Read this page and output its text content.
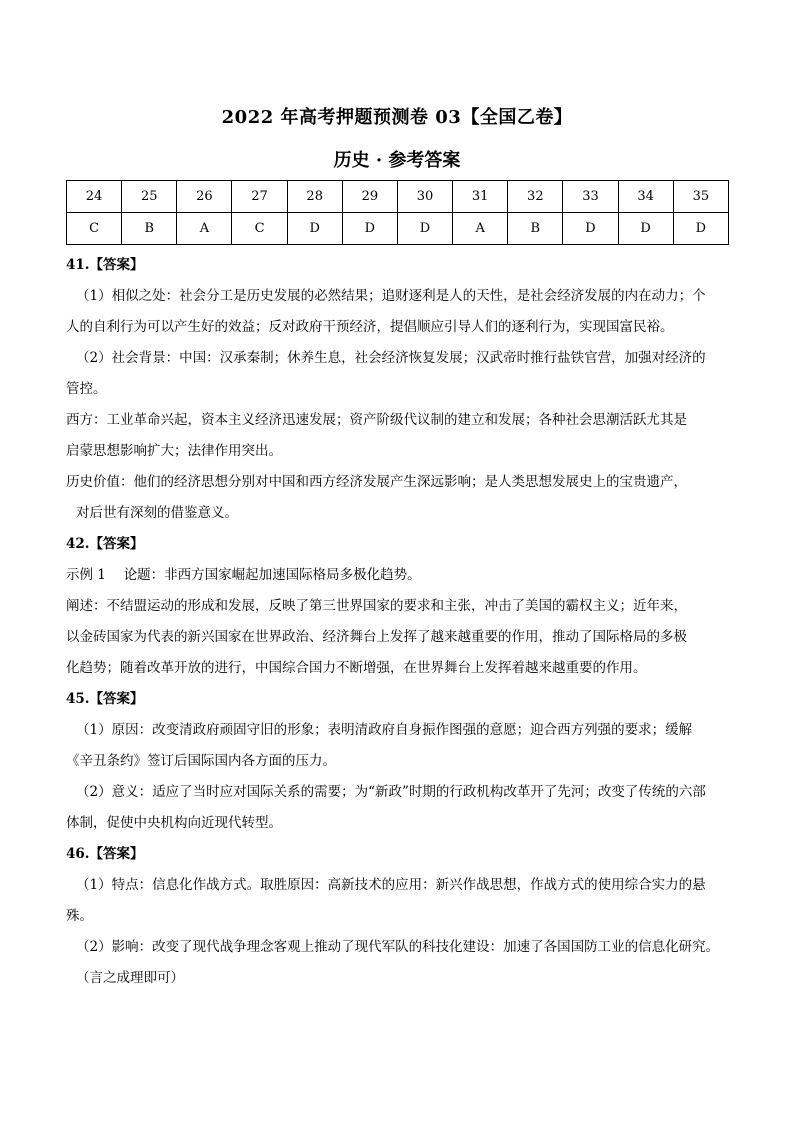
2022 年高考押题预测卷 03【全国乙卷】
历史 · 参考答案
24	25	26	27	28	29	30	31	32	33	34	35
C	B	A	C	D	D	D	A	B	D	D	D

41.【答案】

（1）相似之处：社会分工是历史发展的必然结果；追财逐利是人的天性，是社会经济发展的内在动力；个

人的自利行为可以产生好的效益；反对政府干预经济，提倡顺应引导人们的逐利行为，实现国富民裕。

（2）社会背景：中国：汉承秦制；休养生息，社会经济恢复发展；汉武帝时推行盐铁官营，加强对经济的

管控。

西方：工业革命兴起，资本主义经济迅速发展；资产阶级代议制的建立和发展；各种社会思潮活跃尤其是

启蒙思想影响扩大；法律作用突出。

历史价值：他们的经济思想分别对中国和西方经济发展产生深远影响；是人类思想发展史上的宝贵遗产，

对后世有深刻的借鉴意义。

42.【答案】

示例 1　 论题：非西方国家崛起加速国际格局多极化趋势。

阐述：不结盟运动的形成和发展，反映了第三世界国家的要求和主张，冲击了美国的霸权主义；近年来，

以金砖国家为代表的新兴国家在世界政治、经济舞台上发挥了越来越重要的作用，推动了国际格局的多极

化趋势；随着改革开放的进行，中国综合国力不断增强，在世界舞台上发挥着越来越重要的作用。

45.【答案】

（1）原因：改变清政府顽固守旧的形象；表明清政府自身振作图强的意愿；迎合西方列强的要求；缓解

《辛丑条约》签订后国际国内各方面的压力。

（2）意义：适应了当时应对国际关系的需要；为“新政”时期的行政机构改革开了先河；改变了传统的六部

体制，促使中央机构向近现代转型。

46.【答案】

（1）特点：信息化作战方式。取胜原因：高新技术的应用：新兴作战思想，作战方式的使用综合实力的悬

殊。

（2）影响：改变了现代战争理念客观上推动了现代军队的科技化建设：加速了各国国防工业的信息化研究。

（言之成理即可）
